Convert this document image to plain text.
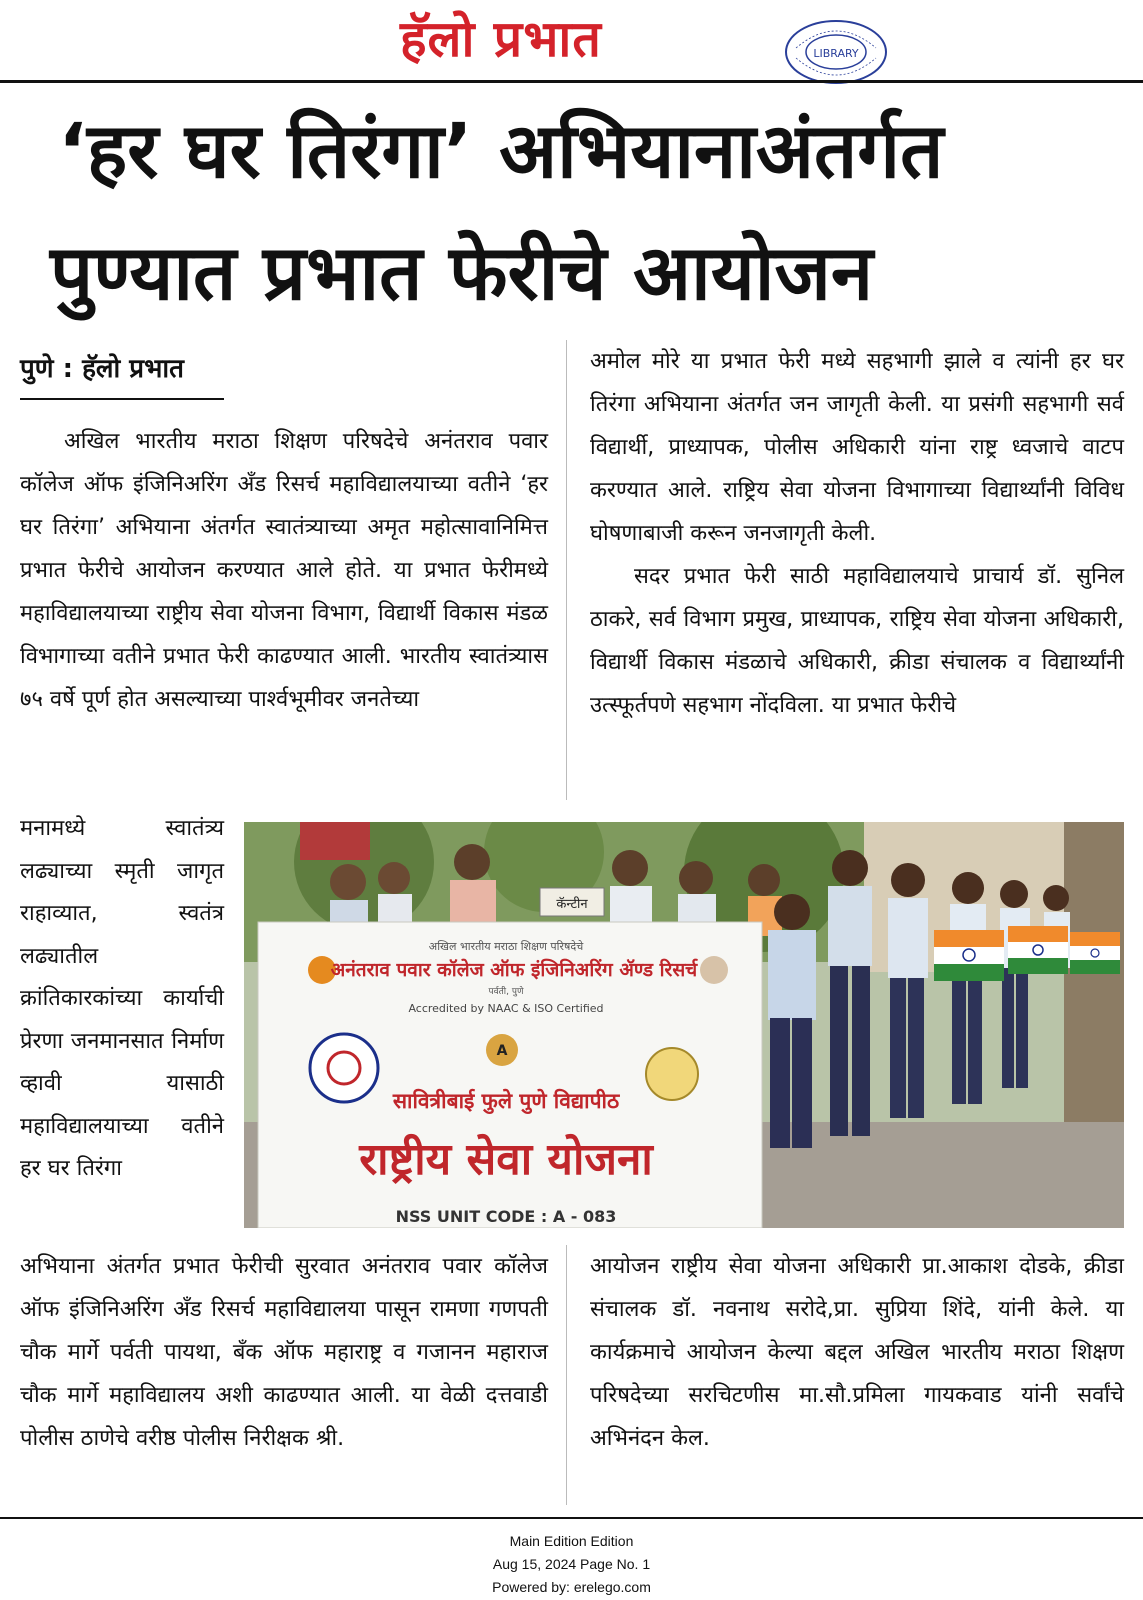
हॅलो प्रभात	LIBRARY
‘हर घर तिरंगा’ अभियानाअंतर्गत
पुण्यात प्रभात फेरीचे आयोजन
पुणे : हॅलो प्रभात

अखिल भारतीय मराठा शिक्षण परिषदेचे अनंतराव पवार कॉलेज ऑफ इंजिनिअरिंग अँड रिसर्च महाविद्यालयाच्या वतीने ‘हर घर तिरंगा’ अभियाना अंतर्गत स्वातंत्र्याच्या अमृत महोत्सावानिमित्त प्रभात फेरीचे आयोजन करण्यात आले होते. या प्रभात फेरीमध्ये महाविद्यालयाच्या राष्ट्रीय सेवा योजना विभाग, विद्यार्थी विकास मंडळ विभागाच्या वतीने प्रभात फेरी काढण्यात आली. भारतीय स्वातंत्र्यास ७५ वर्षे पूर्ण होत असल्याच्या पार्श्वभूमीवर जनतेच्या

अमोल मोरे या प्रभात फेरी मध्ये सहभागी झाले व त्यांनी हर घर तिरंगा अभियाना अंतर्गत जन जागृती केली. या प्रसंगी सहभागी सर्व विद्यार्थी, प्राध्यापक, पोलीस अधिकारी यांना राष्ट्र ध्वजाचे वाटप करण्यात आले. राष्ट्रिय सेवा योजना विभागाच्या विद्यार्थ्यांनी विविध घोषणाबाजी करून जनजागृती केली.

सदर प्रभात फेरी साठी महाविद्यालयाचे प्राचार्य डॉ. सुनिल ठाकरे, सर्व विभाग प्रमुख, प्राध्यापक, राष्ट्रिय सेवा योजना अधिकारी, विद्यार्थी विकास मंडळाचे अधिकारी, क्रीडा संचालक व विद्यार्थ्यांनी उत्स्फूर्तपणे सहभाग नोंदविला. या प्रभात फेरीचे

मनामध्ये स्वातंत्र्य लढ्याच्या स्मृती जागृत राहाव्यात, स्वतंत्र लढ्यातील क्रांतिकारकांच्या कार्याची प्रेरणा जनमानसात निर्माण व्हावी यासाठी महाविद्यालयाच्या वतीने हर घर तिरंगा

अभियाना अंतर्गत प्रभात फेरीची सुरवात अनंतराव पवार कॉलेज ऑफ इंजिनिअरिंग अँड रिसर्च महाविद्यालया पासून रामणा गणपती चौक मार्गे पर्वती पायथा, बँक ऑफ महाराष्ट्र व गजानन महाराज चौक मार्गे महाविद्यालय अशी काढण्यात आली. या वेळी दत्तवाडी पोलीस ठाणेचे वरीष्ठ पोलीस निरीक्षक श्री.

आयोजन राष्ट्रीय सेवा योजना अधिकारी प्रा.आकाश दोडके, क्रीडा संचालक डॉ. नवनाथ सरोदे,प्रा. सुप्रिया शिंदे, यांनी केले. या कार्यक्रमाचे आयोजन केल्या बद्दल अखिल भारतीय मराठा शिक्षण परिषदेच्या सरचिटणीस मा.सौ.प्रमिला गायकवाड यांनी सर्वांचे अभिनंदन केल.

कॅन्टीन
अखिल भारतीय मराठा शिक्षण परिषदेचे
अनंतराव पवार कॉलेज ऑफ इंजिनिअरिंग ॲण्ड रिसर्च
पर्वती, पुणे
Accredited by NAAC & ISO Certified
A
सावित्रीबाई फुले पुणे विद्यापीठ
राष्ट्रीय सेवा योजना
NSS UNIT CODE : A - 083
Main Edition Edition
Aug 15, 2024 Page No. 1
Powered by: erelego.com
